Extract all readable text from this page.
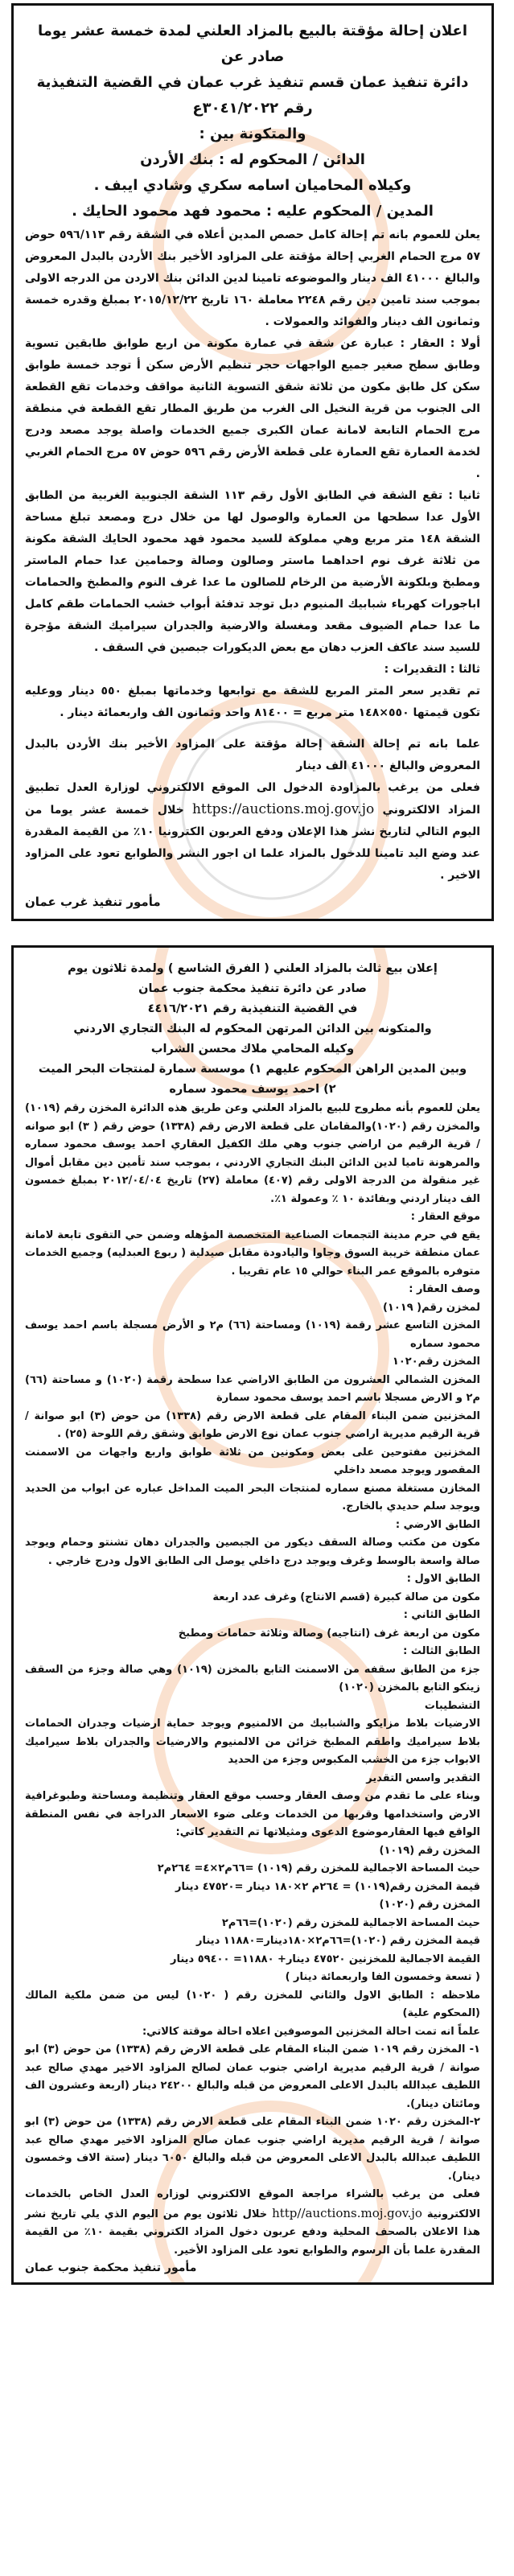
اعلان إحالة مؤقتة بالبيع بالمزاد العلني لمدة خمسة عشر يوما صادر عن
دائرة تنفيذ عمان قسم تنفيذ غرب عمان في القضية التنفيذية
رقم ٣٠٤١/٢٠٢٢ع
والمتكونة بين :
الدائن / المحكوم له : بنك الأردن
وكيلاه المحاميان اسامه سكري وشادي ايبف .
المدين / المحكوم عليه : محمود فهد محمود الحايك .

يعلن للعموم بانه تم إحالة كامل حصص المدين أعلاه في الشقة رقم ٥٩٦/١١٣ حوض ٥٧ مرج الحمام الغربي إحالة مؤقتة على المزاود الأخير بنك الأردن بالبدل المعروض والبالغ ٤١٠٠٠ الف دينار والموضوعه تامينا لدين الدائن بنك الاردن من الدرجه الاولى بموجب سند تامين دين رقم ٢٢٤٨ معاملة ١٦٠ تاريخ ٢٠١٥/١٢/٢٢ بمبلغ وقدره خمسة وثمانون الف دينار والفوائد والعمولات .

أولا : العقار : عبارة عن شقة في عمارة مكونة من اربع طوابق طابقين تسوية وطابق سطح صغير جميع الواجهات حجر تنظيم الأرض سكن أ توجد خمسة طوابق سكن كل طابق مكون من ثلاثة شقق التسوية الثانية مواقف وخدمات تقع القطعة الى الجنوب من قرية النخيل الى الغرب من طريق المطار تقع القطعة في منطقة مرج الحمام التابعة لامانة عمان الكبرى جميع الخدمات واصلة يوجد مصعد ودرج لخدمة العمارة تقع العمارة على قطعة الأرض رقم ٥٩٦ حوض ٥٧ مرج الحمام الغربي .

ثانيا : تقع الشقة في الطابق الأول رقم ١١٣ الشقة الجنوبية الغربية من الطابق الأول عدا سطحها من العمارة والوصول لها من خلال درج ومصعد تبلغ مساحة الشقة ١٤٨ متر مربع وهي مملوكة للسيد محمود فهد محمود الحايك الشقة مكونة من ثلاثة غرف نوم احداهما ماستر وصالون وصالة وحمامين عدا حمام الماستر ومطبخ وبلكونة الأرضية من الرخام للصالون ما عدا غرف النوم والمطبخ والحمامات اباجورات كهرباء شبابيك المنيوم دبل توجد تدفئة أبواب خشب الحمامات طقم كامل ما عدا حمام الضيوف مقعد ومغسلة والارضية والجدران سيراميك الشقة مؤجرة للسيد سند عاكف العزب دهان مع بعض الديكورات جبصين في السقف .

ثالثا : التقديرات :

تم تقدير سعر المتر المربع للشقة مع توابعها وخدماتها بمبلغ ٥٥٠ دينار ووعليه تكون قيمتها ٥٥٠×١٤٨ متر مربع = ٨١٤٠٠ واحد وثمانون الف واربعمائة دينار .

علما بانه تم إحالة الشقة إحالة مؤقتة على المزاود الأخير بنك الأردن بالبدل المعروض والبالغ ٤١٠٠٠ الف دينار

فعلى من يرغب بالمزاودة الدخول الى الموقع الالكتروني لوزارة العدل تطبيق المزاد الالكتروني https://auctions.moj.gov.jo خلال خمسة عشر يوما من اليوم التالي لتاريخ نشر هذا الإعلان ودفع العربون الكترونيا ١٠٪ من القيمة المقدرة عند وضع اليد تامينا للدخول بالمزاد علما ان اجور النشر والطوابع تعود على المزاود الاخير .

مأمور تنفيذ غرب عمان
إعلان بيع ثالث بالمزاد العلني ( الفرق الشاسع ) ولمدة ثلاثون يوم
صادر عن دائرة تنفيذ محكمة جنوب عمان
في القضية التنفيذية رقم ٤٤١٦/٢٠٢١
والمتكونه بين الدائن المرتهن المحكوم له البنك التجاري الاردني
وكيله المحامي ملاك محسن الشراب
وبين المدين الراهن المحكوم عليهم ١) موسسة سمارة لمنتجات البحر الميت
٢) احمد يوسف محمود سماره

يعلن للعموم بأنه مطروح للبيع بالمزاد العلني وعن طريق هذه الدائرة المخزن رقم (١٠١٩) والمخزن رقم (١٠٢٠)والمقامان على قطعة الارض رقم (١٣٣٨) حوض رقم ( ٣) ابو صوانه / قرية الرقيم من اراضي جنوب وهي ملك الكفيل العقاري احمد يوسف محمود سماره والمرهونة تاميا لدين الدائن البنك التجاري الاردني ، بموجب سند تأمين دين مقابل أموال غير منقولة من الدرجة الاولى رقم (٤٠٧) معاملة (٢٧) تاريخ ٢٠١٢/٠٤/٠٤ بمبلغ خمسون الف دينار اردني وبفائدة ١٠ ٪ وعمولة ١٪.

موقع العقار :

يقع في حرم مدينة التجمعات الصناعية المتخصصة المؤهله وضمن حي التقوى تابعة لامانة عمان منطقة خريبة السوق وجاوا واليادودة مقابل صيدلية ( ربوع العبدليه) وجميع الخدمات متوفره بالموقع عمر البناء حوالي ١٥ عام تقريبا .

وصف العقار :

لمخزن رقم( ١٠١٩)

المخزن التاسع عشر رقمة (١٠١٩) ومساحتة (٦٦) م٢ و الأرض مسجلة باسم احمد يوسف محمود سماره

المخزن رقم١٠٢٠

المخزن الشمالي العشرون من الطابق الاراضي عدا سطحة رقمة (١٠٢٠) و مساحتة (٦٦) م٢ و الارض مسجلا باسم احمد يوسف محمود سمارة

المخزنين ضمن البناء المقام على قطعة الارض رقم (١٣٣٨) من حوض (٣) ابو صوانة / قرية الرقيم مديرية اراضي جنوب عمان نوع الارض طوابق وشقق رقم اللوحة (٢٥) .

المخزنين مفتوحين على بعض ومكونين من ثلاثة طوابق واربع واجهات من الاسمنت المقصور ويوجد مصعد داخلي

المخازن مستغلة مصنع سماره لمنتجات البحر الميت المداخل عباره عن ابواب من الحديد ويوجد سلم حديدي بالخارج.

الطابق الارضي :

مكون من مكتب وصالة السقف ديكور من الجبصين والجدران دهان تشنتو وحمام ويوجد صالة واسعة بالوسط وغرف ويوجد درج داخلي يوصل الى الطابق الاول ودرج خارجي .

الطابق الاول :

مكون من صالة كبيرة (قسم الانتاج) وغرف عدد اربعة

الطابق الثاني :

مكون من اربعة غرف (انتاجيه) وصالة وثلاثة حمامات ومطبخ

الطابق الثالث :

جزء من الطابق سقفه من الاسمنت التابع بالمخزن (١٠١٩) وهي صالة وجزء من السقف زينكو التابع بالمخزن (١٠٢٠)

التشطيبات

الارضيات بلاط مزايكو والشبابيك من الالمنيوم ويوجد حماية ارضيات وجدران الحمامات بلاط سيراميك واطقم المطبخ خزائن من الالمنيوم والارضيات والجدران بلاط سيراميك الابواب جزء من الخشب المكبوس وجزء من الحديد

التقدير واسس التقدير

وبناء على ما تقدم من وصف العقار وحسب موقع العقار وتنظيمة ومساحتة وطبوغرافية الارض واستخدامها وقربها من الخدمات وعلى ضوء الاسعار الدراجة في نفس المنطقة الواقع فيها العقارموضوع الدعوى ومثيلاتها تم التقدير كاتي:

المخزن رقم (١٠١٩)

حيث المساحة الاجمالية للمخزن رقم (١٠١٩) =٦٦م٢×٤= ٢٦٤م٢

قيمة المخزن رقم(١٠١٩) = ٢٦٤م ٢×١٨٠ دينار =٤٧٥٢٠ دينار

المخزن رقم (١٠٢٠)

حيث المساحة الاجمالية للمخزن رقم (١٠٢٠)=٦٦م٢

قيمة المخزن رقم (١٠٢٠)=٦٦م٢×١٨٠دينار=١١٨٨٠ دينار

القيمة الاجمالية للمخزنين ٤٧٥٢٠ دينار+ ١١٨٨٠= ٥٩٤٠٠ دينار

( تسعة وخمسون الفا واربعمائة دينار )

ملاحظه : الطابق الاول والثاني للمخزن رقم ( ١٠٢٠) ليس من ضمن ملكية المالك (المحكوم علية)

علماً انه تمت احالة المخزنين الموصوفين اعلاه احالة موقتة كالاتي:

١- المخزن رقم ١٠١٩ ضمن البناء المقام على قطعة الارض رقم (١٣٣٨) من حوض (٣) ابو صوانة / قرية الرقيم مديرية اراضي جنوب عمان لصالح المزاود الاخير مهدي صالح عبد اللطيف عبدالله بالبدل الاعلى المعروض من قبله والبالغ ٢٤٢٠٠ دينار (اربعة وعشرون الف ومائتان دينار).

٢-المخزن رقم ١٠٢٠ ضمن البناء المقام على قطعة الارض رقم (١٣٣٨) من حوض (٣) ابو صوانة / قرية الرقيم مديرية اراضي جنوب عمان صالح المزاود الاخير مهدي صالح عبد اللطيف عبدالله بالبدل الاعلى المعروض من قبله والبالغ ٦٠٥٠ دينار (ستة الاف وخمسون دينار).

فعلى من يرغب بالشراء مراجعة الموقع الالكتروني لوزاره العدل الخاص بالخدمات الالكترونية http//auctions.moj.gov.jo خلال ثلاثون يوم من اليوم الذي يلي تاريخ نشر هذا الاعلان بالصحف المحلية ودفع عربون دخول المزاد الكتروني بقيمة ١٠٪ من القيمة المقدرة علما بأن الرسوم والطوابع تعود على المزاود الأخير.

مأمور تنفيذ محكمة جنوب عمان
